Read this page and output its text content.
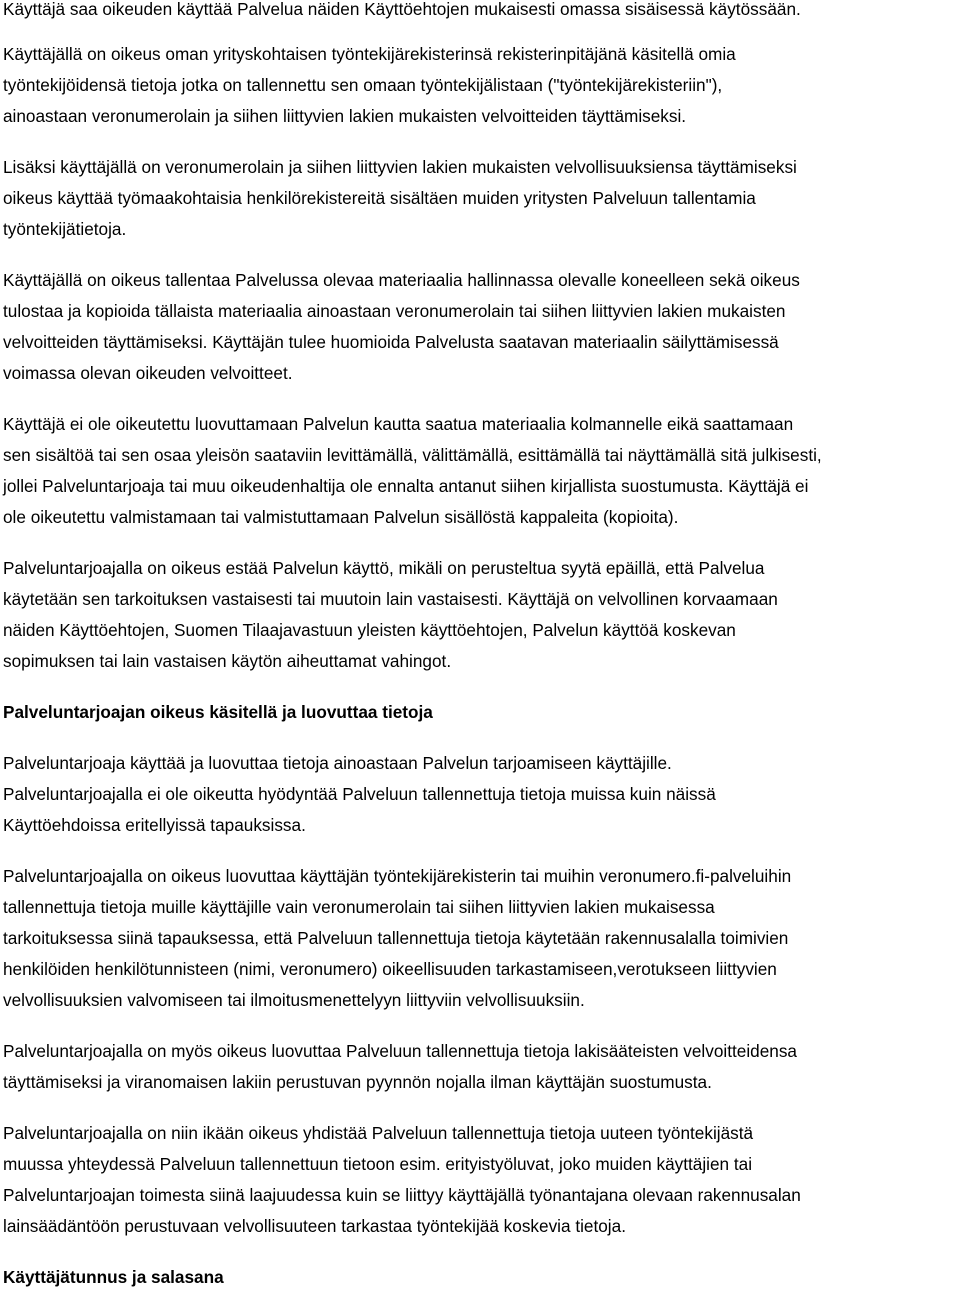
Käyttäjä saa oikeuden käyttää Palvelua näiden Käyttöehtojen mukaisesti omassa sisäisessä käytössään.

Käyttäjällä on oikeus oman yrityskohtaisen työntekijärekisterinsä rekisterinpitäjänä käsitellä omia
työntekijöidensä tietoja jotka on tallennettu sen omaan työntekijälistaan ("työntekijärekisteriin"),
ainoastaan veronumerolain ja siihen liittyvien lakien mukaisten velvoitteiden täyttämiseksi.

Lisäksi käyttäjällä on veronumerolain ja siihen liittyvien lakien mukaisten velvollisuuksiensa täyttämiseksi
oikeus käyttää työmaakohtaisia henkilörekistereitä sisältäen muiden yritysten Palveluun tallentamia
työntekijätietoja.

Käyttäjällä on oikeus tallentaa Palvelussa olevaa materiaalia hallinnassa olevalle koneelleen sekä oikeus
tulostaa ja kopioida tällaista materiaalia ainoastaan veronumerolain tai siihen liittyvien lakien mukaisten
velvoitteiden täyttämiseksi. Käyttäjän tulee huomioida Palvelusta saatavan materiaalin säilyttämisessä
voimassa olevan oikeuden velvoitteet.

Käyttäjä ei ole oikeutettu luovuttamaan Palvelun kautta saatua materiaalia kolmannelle eikä saattamaan
sen sisältöä tai sen osaa yleisön saataviin levittämällä, välittämällä, esittämällä tai näyttämällä sitä julkisesti,
jollei Palveluntarjoaja tai muu oikeudenhaltija ole ennalta antanut siihen kirjallista suostumusta. Käyttäjä ei
ole oikeutettu valmistamaan tai valmistuttamaan Palvelun sisällöstä kappaleita (kopioita).

Palveluntarjoajalla on oikeus estää Palvelun käyttö, mikäli on perusteltua syytä epäillä, että Palvelua
käytetään sen tarkoituksen vastaisesti tai muutoin lain vastaisesti. Käyttäjä on velvollinen korvaamaan
näiden Käyttöehtojen, Suomen Tilaajavastuun yleisten käyttöehtojen, Palvelun käyttöä koskevan
sopimuksen tai lain vastaisen käytön aiheuttamat vahingot.

Palveluntarjoajan oikeus käsitellä ja luovuttaa tietoja

Palveluntarjoaja käyttää ja luovuttaa tietoja ainoastaan Palvelun tarjoamiseen käyttäjille.
Palveluntarjoajalla ei ole oikeutta hyödyntää Palveluun tallennettuja tietoja muissa kuin näissä
Käyttöehdoissa eritellyissä tapauksissa.

Palveluntarjoajalla on oikeus luovuttaa käyttäjän työntekijärekisterin tai muihin veronumero.fi-palveluihin
tallennettuja tietoja muille käyttäjille vain veronumerolain tai siihen liittyvien lakien mukaisessa
tarkoituksessa siinä tapauksessa, että Palveluun tallennettuja tietoja käytetään rakennusalalla toimivien
henkilöiden henkilötunnisteen (nimi, veronumero) oikeellisuuden tarkastamiseen,verotukseen liittyvien
velvollisuuksien valvomiseen tai ilmoitusmenettelyyn liittyviin velvollisuuksiin.

Palveluntarjoajalla on myös oikeus luovuttaa Palveluun tallennettuja tietoja lakisääteisten velvoitteidensa
täyttämiseksi ja viranomaisen lakiin perustuvan pyynnön nojalla ilman käyttäjän suostumusta.

Palveluntarjoajalla on niin ikään oikeus yhdistää Palveluun tallennettuja tietoja uuteen työntekijästä
muussa yhteydessä Palveluun tallennettuun tietoon esim. erityistyöluvat, joko muiden käyttäjien tai
Palveluntarjoajan toimesta siinä laajuudessa kuin se liittyy käyttäjällä työnantajana olevaan rakennusalan
lainsäädäntöön perustuvaan velvollisuuteen tarkastaa työntekijää koskevia tietoja.

Käyttäjätunnus ja salasana
